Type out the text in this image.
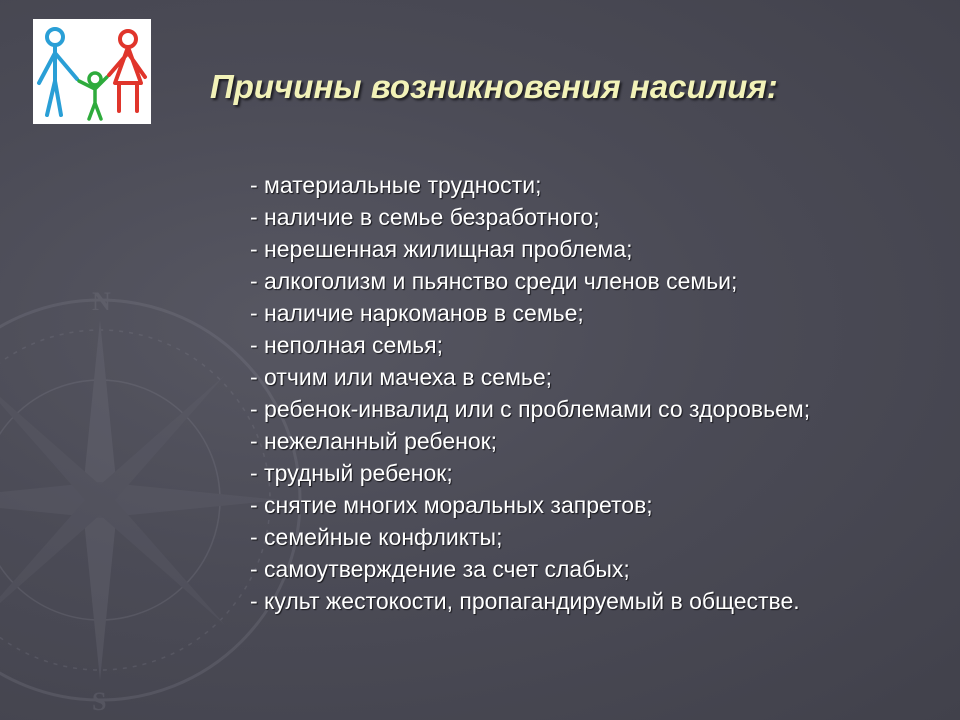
N
S
Причины возникновения насилия:
- материальные трудности;
- наличие в семье безработного;
- нерешенная жилищная проблема;
- алкоголизм и пьянство среди членов семьи;
- наличие наркоманов в семье;
- неполная семья;
- отчим или мачеха в семье;
- ребенок-инвалид или с проблемами со здоровьем;
- нежеланный ребенок;
- трудный ребенок;
- снятие многих моральных запретов;
- семейные конфликты;
- самоутверждение за счет слабых;
- культ жестокости, пропагандируемый в обществе.
